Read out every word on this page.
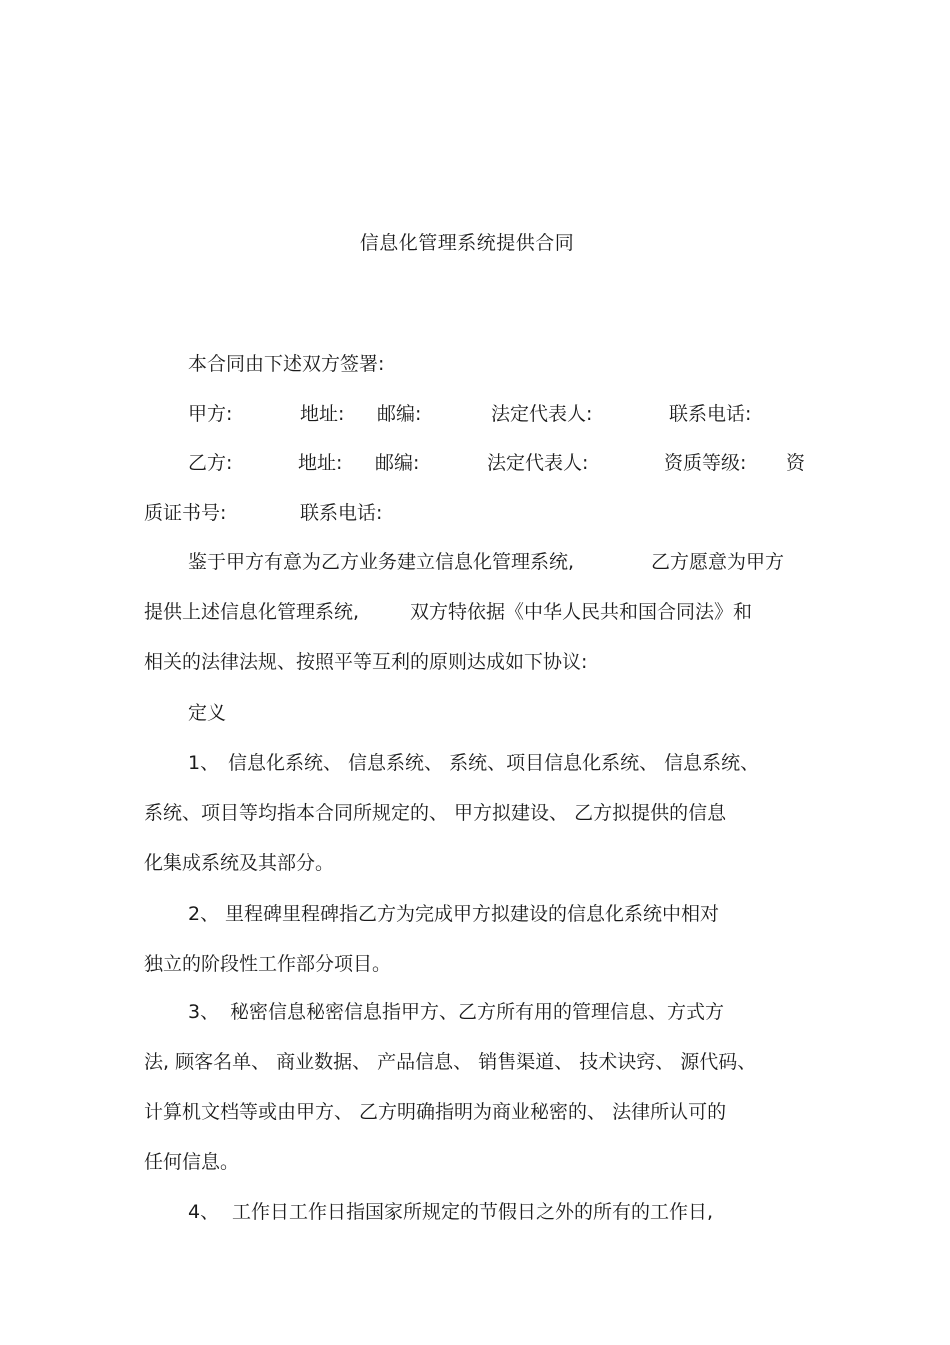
信息化管理系统提供合同
本合同由下述双方签署:
甲方:	地址: 邮编:	法定代表人:	联系电话:
乙方:	地址: 邮编:	法定代表人:	资质等级: 资
质证书号:	联系电话:
鉴于甲方有意为乙方业务建立信息化管理系统,	乙方愿意为甲方
提供上述信息化管理系统,	双方特依据《中华人民共和国合同法》和
相关的法律法规、按照平等互利的原则达成如下协议:
定义
1、 信息化系统、 信息系统、 系统、项目信息化系统、 信息系统、
系统、项目等均指本合同所规定的、 甲方拟建设、 乙方拟提供的信息
化集成系统及其部分。
2、 里程碑里程碑指乙方为完成甲方拟建设的信息化系统中相对
独立的阶段性工作部分项目。
3、 秘密信息秘密信息指甲方、乙方所有用的管理信息、方式方
法, 顾客名单、 商业数据、 产品信息、 销售渠道、 技术诀窍、 源代码、
计算机文档等或由甲方、 乙方明确指明为商业秘密的、 法律所认可的
任何信息。
4、 工作日工作日指国家所规定的节假日之外的所有的工作日,
